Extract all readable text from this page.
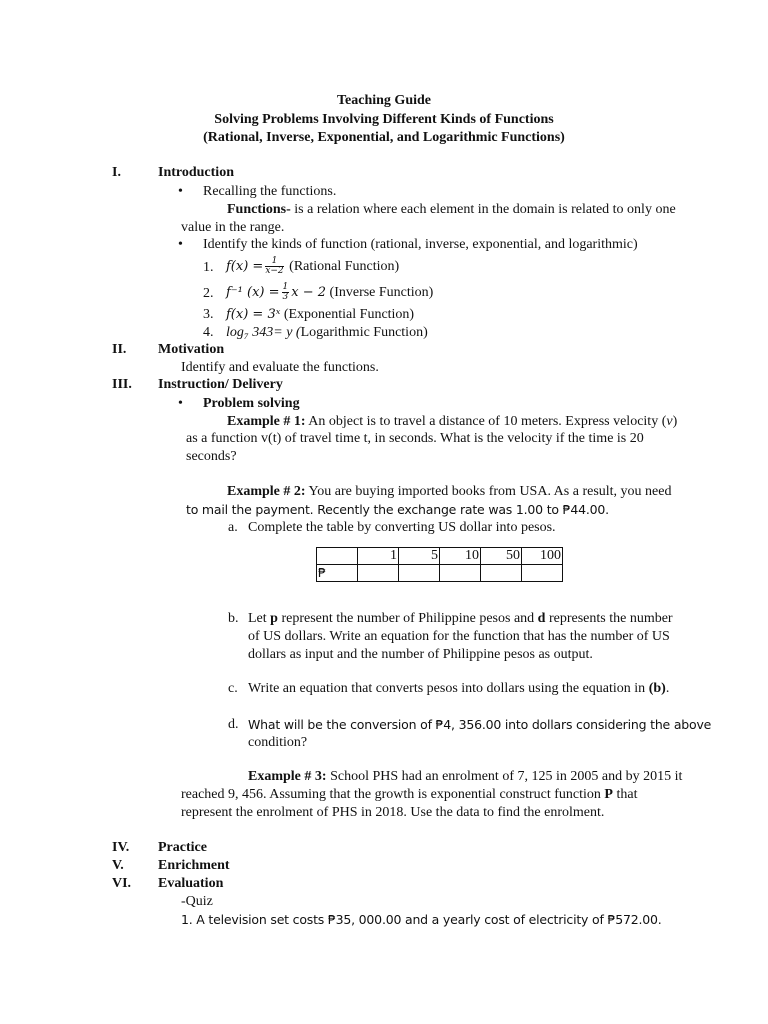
Teaching Guide
Solving Problems Involving Different Kinds of Functions
(Rational, Inverse, Exponential, and Logarithmic Functions)
I.	Introduction
• Recalling the functions.
Functions- is a relation where each element in the domain is related to only one
value in the range.
• Identify the kinds of function (rational, inverse, exponential, and logarithmic)
1. $f(x) = \frac{1}{x-2}$ (Rational Function)
2. f⁻¹ $(x) = \frac{1}{3}$ x − 2 (Inverse Function)
3. f(x) = 3ˣ (Exponential Function)
4. log₇ 343= y (Logarithmic Function)
II. Motivation
Identify and evaluate the functions.
III. Instruction/ Delivery
• Problem solving
Example # 1: An object is to travel a distance of 10 meters. Express velocity (v)
as a function v(t) of travel time t, in seconds. What is the velocity if the time is 20
seconds?
Example # 2: You are buying imported books from USA. As a result, you need
to mail the payment. Recently the exchange rate was 1.00 to ₱44.00.
a. Complete the table by converting US dollar into pesos.
	1	5	10	50	100
₱					
b. Let p represent the number of Philippine pesos and d represents the number
of US dollars. Write an equation for the function that has the number of US
dollars as input and the number of Philippine pesos as output.
c. Write an equation that converts pesos into dollars using the equation in (b).
d. What will be the conversion of ₱4, 356.00 into dollars considering the above
condition?
Example # 3: School PHS had an enrolment of 7, 125 in 2005 and by 2015 it
reached 9, 456. Assuming that the growth is exponential construct function P that
represent the enrolment of PHS in 2018. Use the data to find the enrolment.
IV. Practice
V. Enrichment
VI. Evaluation
-Quiz
1. A television set costs ₱35, 000.00 and a yearly cost of electricity of ₱572.00.
